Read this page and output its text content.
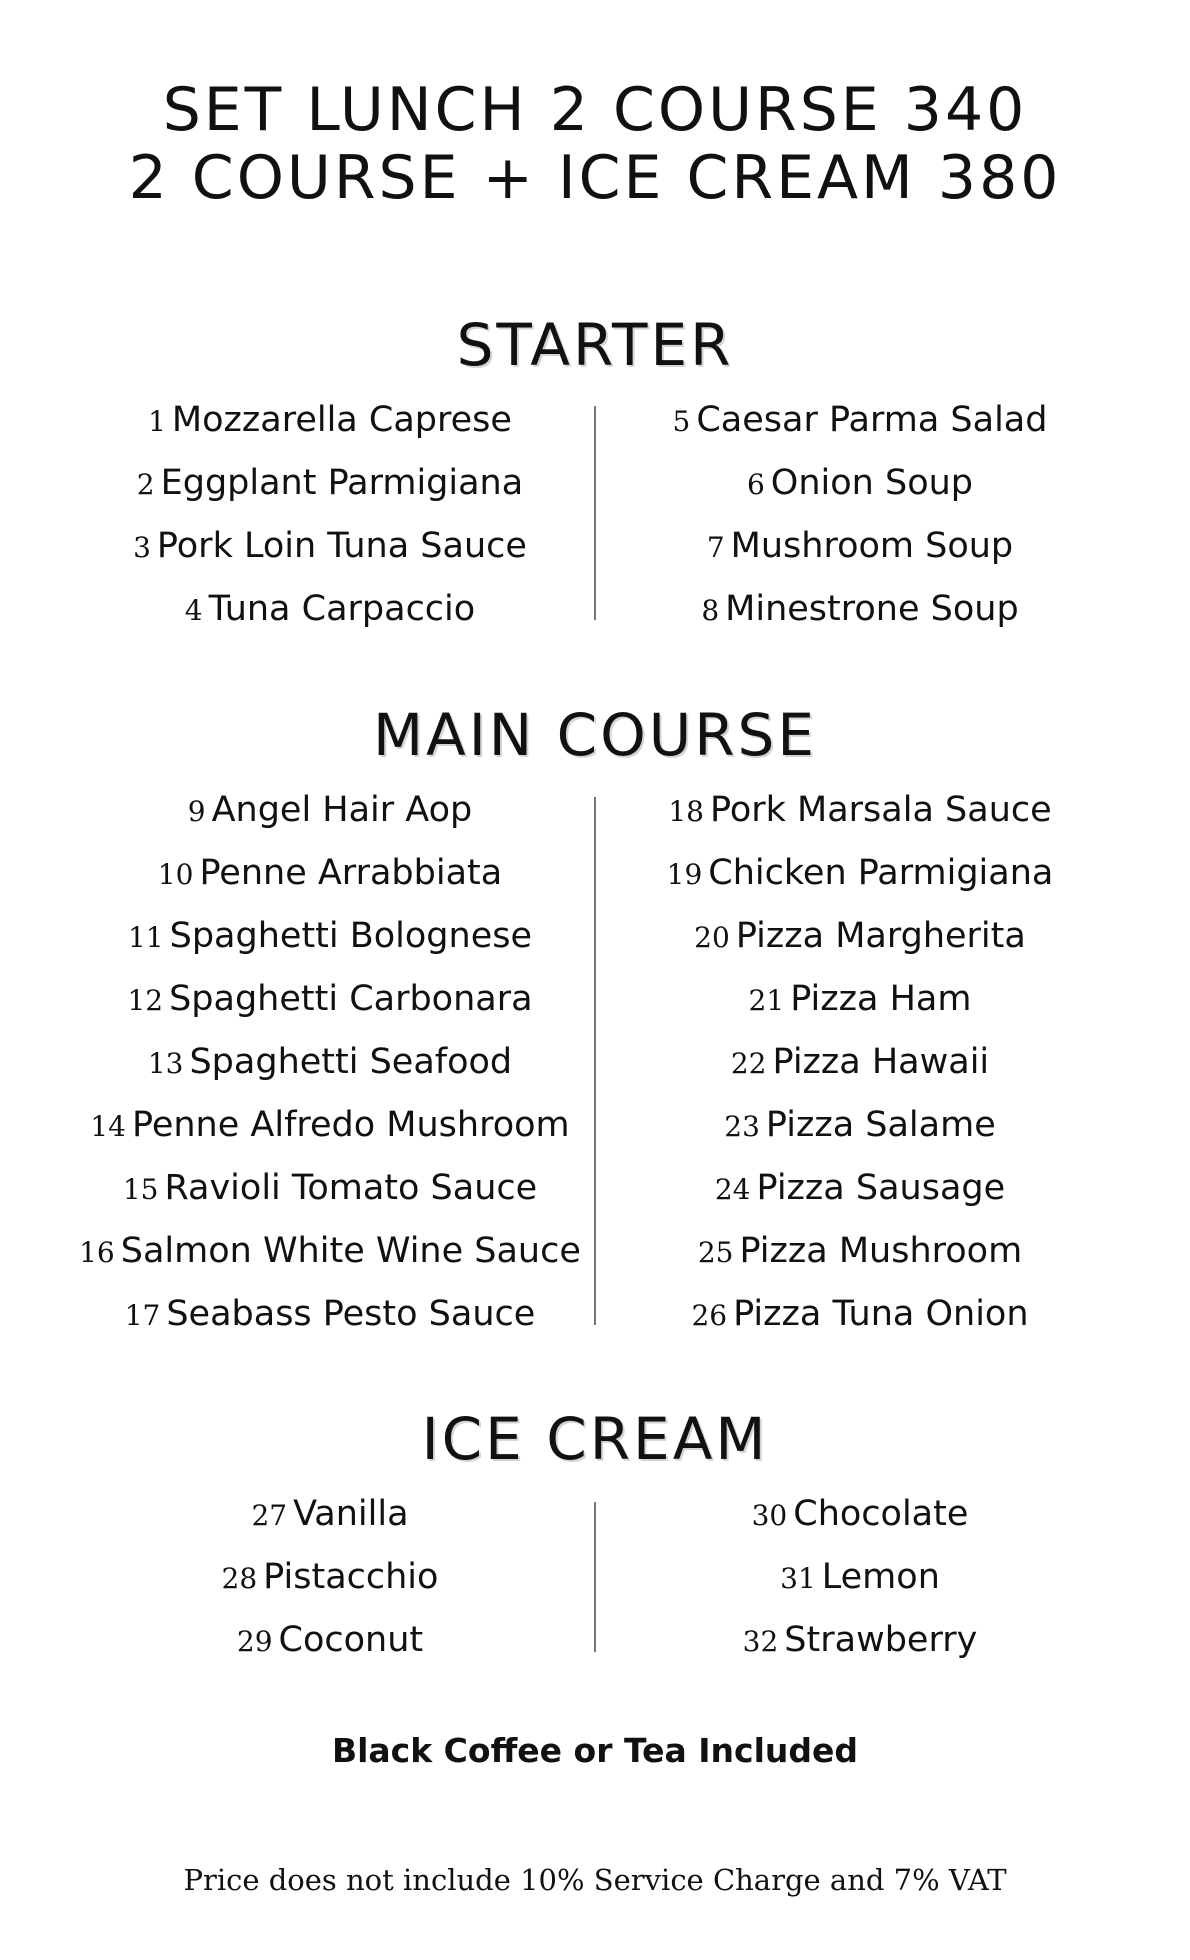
SET LUNCH 2 COURSE 340
2 COURSE + ICE CREAM 380
STARTER
1 Mozzarella Caprese
2 Eggplant Parmigiana
3 Pork Loin Tuna Sauce
4 Tuna Carpaccio
5 Caesar Parma Salad
6 Onion Soup
7 Mushroom Soup
8 Minestrone Soup
MAIN COURSE
9 Angel Hair Aop
10 Penne Arrabbiata
11 Spaghetti Bolognese
12 Spaghetti Carbonara
13 Spaghetti Seafood
14 Penne Alfredo Mushroom
15 Ravioli Tomato Sauce
16 Salmon White Wine Sauce
17 Seabass Pesto Sauce
18 Pork Marsala Sauce
19 Chicken Parmigiana
20 Pizza Margherita
21 Pizza Ham
22 Pizza Hawaii
23 Pizza Salame
24 Pizza Sausage
25 Pizza Mushroom
26 Pizza Tuna Onion
ICE CREAM
27 Vanilla
28 Pistacchio
29 Coconut
30 Chocolate
31 Lemon
32 Strawberry

Black Coffee or Tea Included

Price does not include 10% Service Charge and 7% VAT
